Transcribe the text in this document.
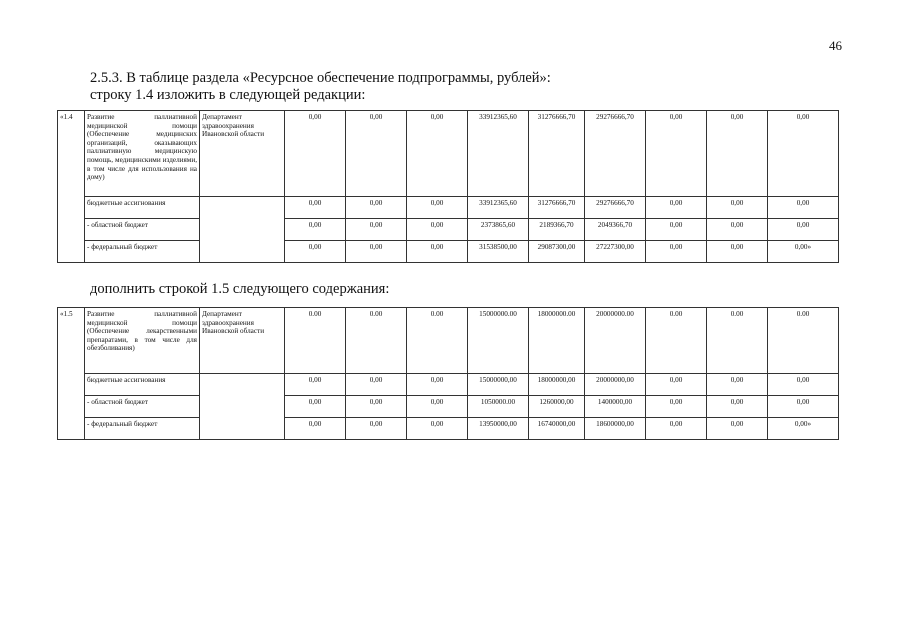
46
2.5.3. В таблице раздела «Ресурсное обеспечение подпрограммы, рублей»:
строку 1.4 изложить в следующей редакции:
«1.4	Развитие паллиативной медицинской помощи (Обеспечение медицинских организаций, оказывающих паллиативную медицинскую помощь, медицинскими изделиями, в том числе для использования на дому)	Департамент здравоохранения Ивановской области	0,00	0,00	0,00	33912365,60	31276666,70	29276666,70	0,00	0,00	0,00
	бюджетные ассигнования		0,00	0,00	0,00	33912365,60	31276666,70	29276666,70	0,00	0,00	0,00
	- областной бюджет		0,00	0,00	0,00	2373865,60	2189366,70	2049366,70	0,00	0,00	0,00
	- федеральный бюджет		0,00	0,00	0,00	31538500,00	29087300,00	27227300,00	0,00	0,00	0,00»
дополнить строкой 1.5 следующего содержания:
«1.5	Развитие паллиативной медицинской помощи (Обеспечение лекарственными препаратами, в том числе для обезболивания)	Департамент здравоохранения Ивановской области	0.00	0.00	0.00	15000000.00	18000000.00	20000000.00	0.00	0.00	0.00
	бюджетные ассигнования		0,00	0,00	0,00	15000000,00	18000000,00	20000000,00	0,00	0,00	0,00
	- областной бюджет		0,00	0,00	0,00	1050000.00	1260000,00	1400000,00	0,00	0,00	0,00
	- федеральный бюджет		0,00	0,00	0,00	13950000,00	16740000,00	18600000,00	0,00	0,00	0,00»
